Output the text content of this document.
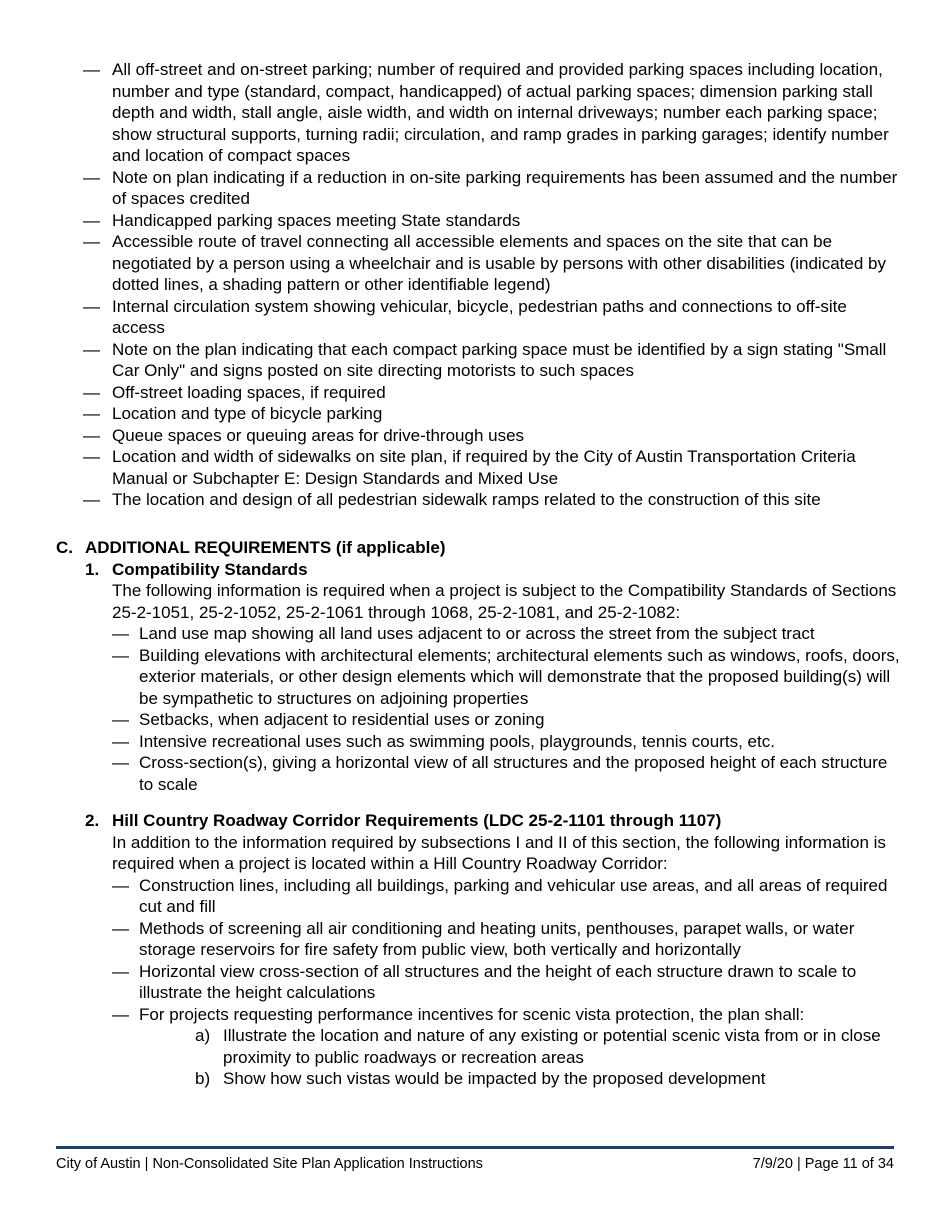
— All off-street and on-street parking; number of required and provided parking spaces including location, number and type (standard, compact, handicapped) of actual parking spaces; dimension parking stall depth and width, stall angle, aisle width, and width on internal driveways; number each parking space; show structural supports, turning radii; circulation, and ramp grades in parking garages; identify number and location of compact spaces
— Note on plan indicating if a reduction in on-site parking requirements has been assumed and the number of spaces credited
— Handicapped parking spaces meeting State standards
— Accessible route of travel connecting all accessible elements and spaces on the site that can be negotiated by a person using a wheelchair and is usable by persons with other disabilities (indicated by dotted lines, a shading pattern or other identifiable legend)
— Internal circulation system showing vehicular, bicycle, pedestrian paths and connections to off-site access
— Note on the plan indicating that each compact parking space must be identified by a sign stating "Small Car Only" and signs posted on site directing motorists to such spaces
— Off-street loading spaces, if required
— Location and type of bicycle parking
— Queue spaces or queuing areas for drive-through uses
— Location and width of sidewalks on site plan, if required by the City of Austin Transportation Criteria Manual or Subchapter E: Design Standards and Mixed Use
— The location and design of all pedestrian sidewalk ramps related to the construction of this site
C. ADDITIONAL REQUIREMENTS (if applicable)
1. Compatibility Standards
The following information is required when a project is subject to the Compatibility Standards of Sections 25-2-1051, 25-2-1052, 25-2-1061 through 1068, 25-2-1081, and 25-2-1082:
— Land use map showing all land uses adjacent to or across the street from the subject tract
— Building elevations with architectural elements; architectural elements such as windows, roofs, doors, exterior materials, or other design elements which will demonstrate that the proposed building(s) will be sympathetic to structures on adjoining properties
— Setbacks, when adjacent to residential uses or zoning
— Intensive recreational uses such as swimming pools, playgrounds, tennis courts, etc.
— Cross-section(s), giving a horizontal view of all structures and the proposed height of each structure to scale
2. Hill Country Roadway Corridor Requirements (LDC 25-2-1101 through 1107)
In addition to the information required by subsections I and II of this section, the following information is required when a project is located within a Hill Country Roadway Corridor:
— Construction lines, including all buildings, parking and vehicular use areas, and all areas of required cut and fill
— Methods of screening all air conditioning and heating units, penthouses, parapet walls, or water storage reservoirs for fire safety from public view, both vertically and horizontally
— Horizontal view cross-section of all structures and the height of each structure drawn to scale to illustrate the height calculations
— For projects requesting performance incentives for scenic vista protection, the plan shall:
a) Illustrate the location and nature of any existing or potential scenic vista from or in close proximity to public roadways or recreation areas
b) Show how such vistas would be impacted by the proposed development
City of Austin | Non-Consolidated Site Plan Application Instructions	7/9/20 | Page 11 of 34
